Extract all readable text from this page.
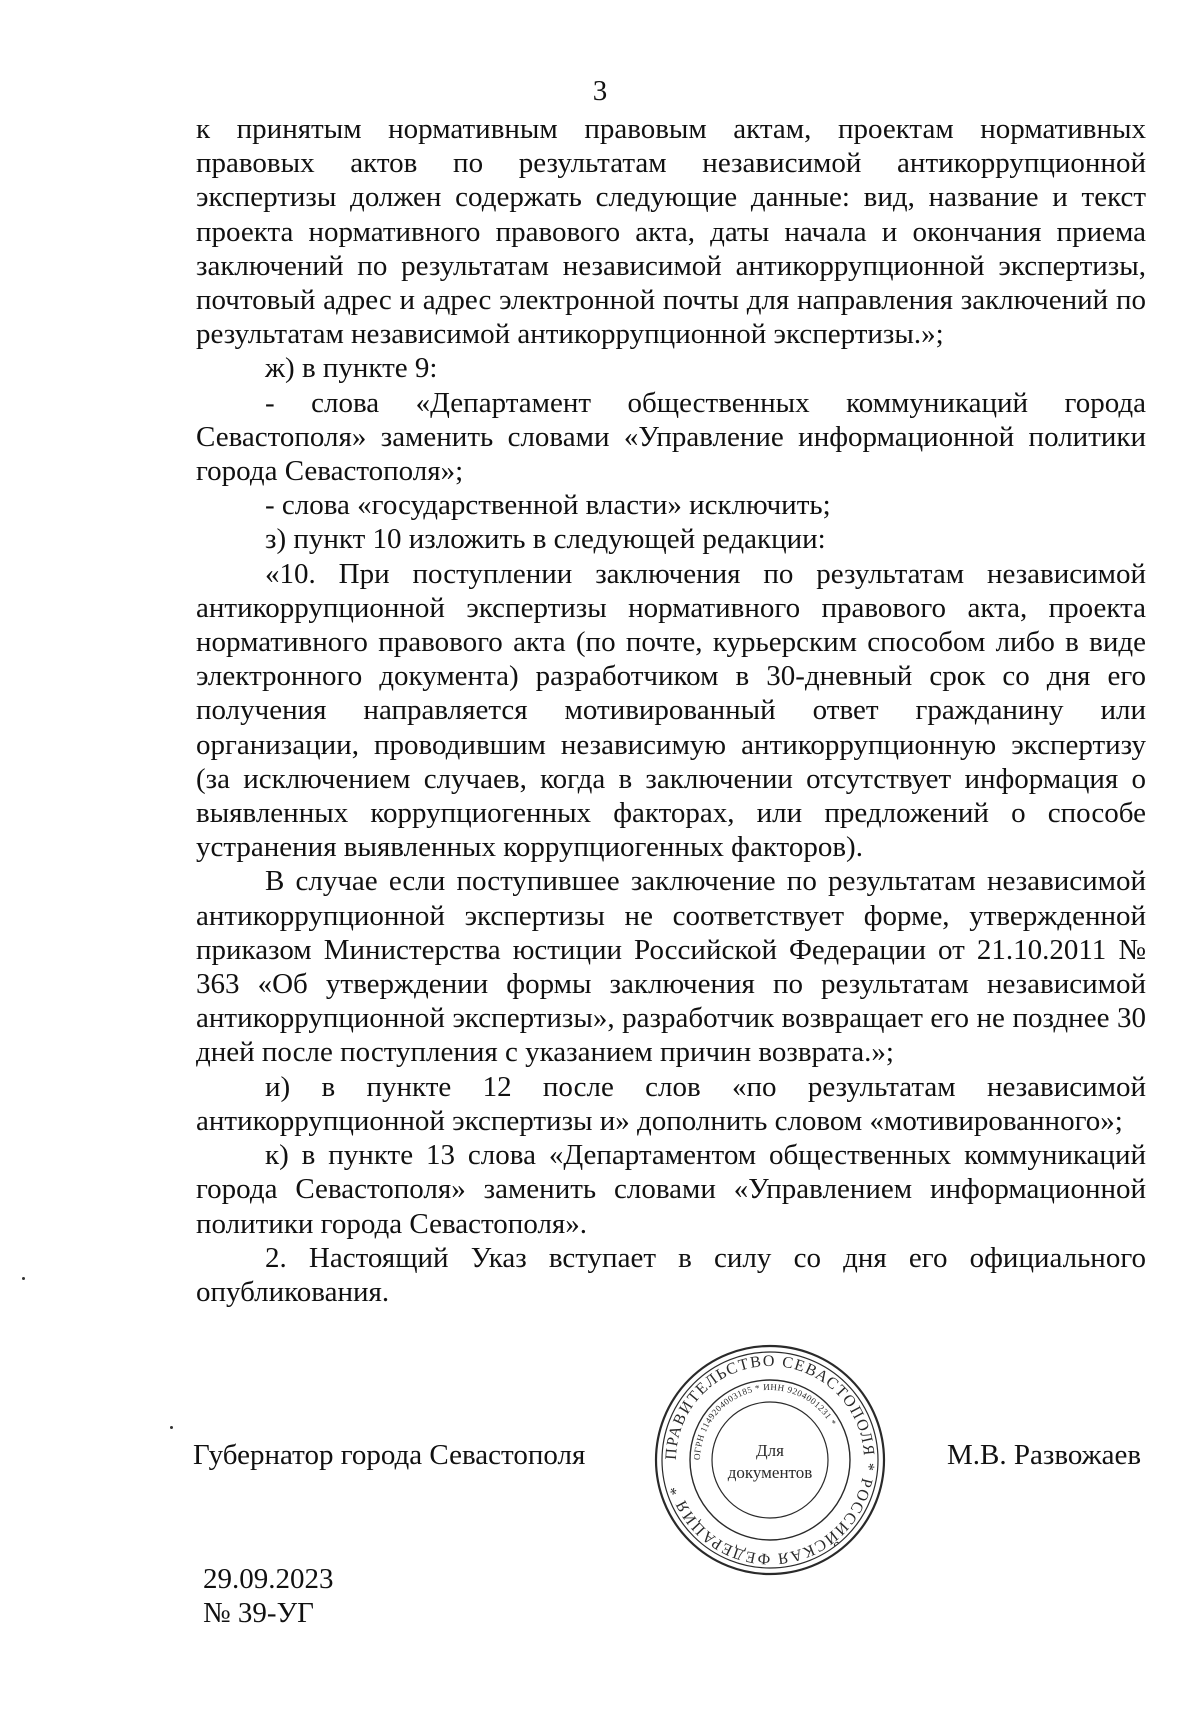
3

к принятым нормативным правовым актам, проектам нормативных правовых актов по результатам независимой антикоррупционной экспертизы должен содержать следующие данные: вид, название и текст проекта нормативного правового акта, даты начала и окончания приема заключений по результатам независимой антикоррупционной экспертизы, почтовый адрес и адрес электронной почты для направления заключений по результатам независимой антикоррупционной экспертизы.»;

ж) в пункте 9:

- слова «Департамент общественных коммуникаций города Севастополя» заменить словами «Управление информационной политики города Севастополя»;

- слова «государственной власти» исключить;

з) пункт 10 изложить в следующей редакции:

«10. При поступлении заключения по результатам независимой антикоррупционной экспертизы нормативного правового акта, проекта нормативного правового акта (по почте, курьерским способом либо в виде электронного документа) разработчиком в 30-дневный срок со дня его получения направляется мотивированный ответ гражданину или организации, проводившим независимую антикоррупционную экспертизу (за исключением случаев, когда в заключении отсутствует информация о выявленных коррупциогенных факторах, или предложений о способе устранения выявленных коррупциогенных факторов).

В случае если поступившее заключение по результатам независимой антикоррупционной экспертизы не соответствует форме, утвержденной приказом Министерства юстиции Российской Федерации от 21.10.2011 № 363 «Об утверждении формы заключения по результатам независимой антикоррупционной экспертизы», разработчик возвращает его не позднее 30 дней после поступления с указанием причин возврата.»;

и) в пункте 12 после слов «по результатам независимой антикоррупционной экспертизы и» дополнить словом «мотивированного»;

к) в пункте 13 слова «Департаментом общественных коммуникаций города Севастополя» заменить словами «Управлением информационной политики города Севастополя».

2. Настоящий Указ вступает в силу со дня его официального опубликования.

Губернатор города Севастополя	ПРАВИТЕЛЬСТВО СЕВАСТОПОЛЯ * РОССИЙСКАЯ ФЕДЕРАЦИЯ *
ОГРН 1149204003185 * ИНН 9204001231 *
Для
документов
М.В. Развожаев
29.09.2023
№ 39-УГ
